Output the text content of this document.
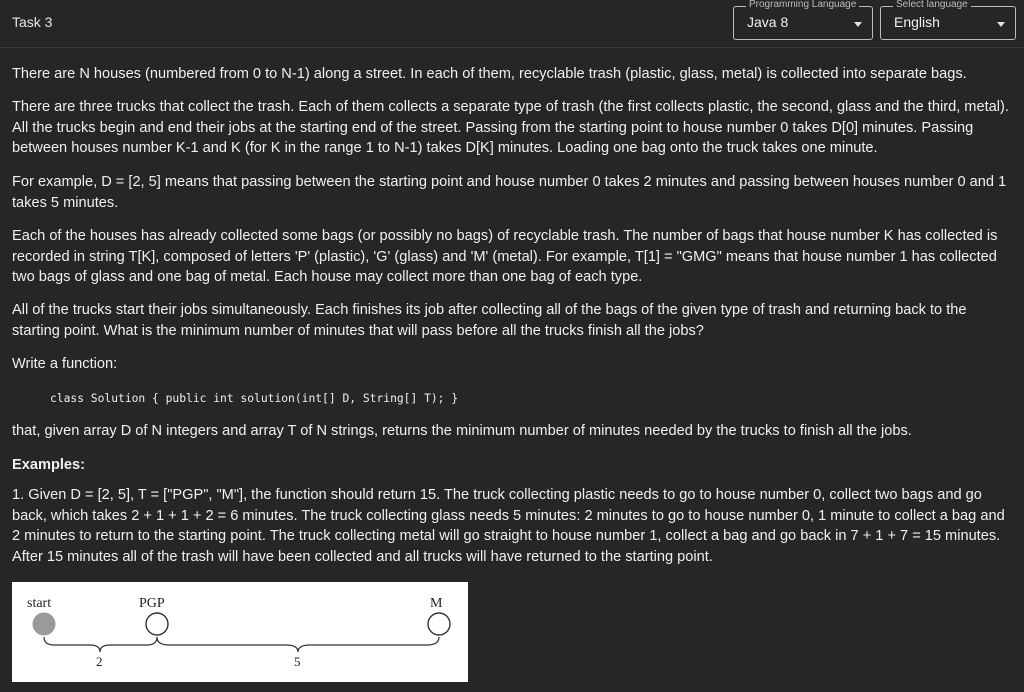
Task 3
Programming Language
Java 8
Select language
English
There are N houses (numbered from 0 to N-1) along a street. In each of them, recyclable trash (plastic, glass, metal) is collected into separate bags.
There are three trucks that collect the trash. Each of them collects a separate type of trash (the first collects plastic, the second, glass and the third, metal). All the trucks begin and end their jobs at the starting end of the street. Passing from the starting point to house number 0 takes D[0] minutes. Passing between houses number K-1 and K (for K in the range 1 to N-1) takes D[K] minutes. Loading one bag onto the truck takes one minute.
For example, D = [2, 5] means that passing between the starting point and house number 0 takes 2 minutes and passing between houses number 0 and 1 takes 5 minutes.
Each of the houses has already collected some bags (or possibly no bags) of recyclable trash. The number of bags that house number K has collected is recorded in string T[K], composed of letters 'P' (plastic), 'G' (glass) and 'M' (metal). For example, T[1] = "GMG" means that house number 1 has collected two bags of glass and one bag of metal. Each house may collect more than one bag of each type.
All of the trucks start their jobs simultaneously. Each finishes its job after collecting all of the bags of the given type of trash and returning back to the starting point. What is the minimum number of minutes that will pass before all the trucks finish all the jobs?
Write a function:
class Solution { public int solution(int[] D, String[] T); }
that, given array D of N integers and array T of N strings, returns the minimum number of minutes needed by the trucks to finish all the jobs.
Examples:
1. Given D = [2, 5], T = ["PGP", "M"], the function should return 15. The truck collecting plastic needs to go to house number 0, collect two bags and go back, which takes 2 + 1 + 1 + 2 = 6 minutes. The truck collecting glass needs 5 minutes: 2 minutes to go to house number 0, 1 minute to collect a bag and 2 minutes to return to the starting point. The truck collecting metal will go straight to house number 1, collect a bag and go back in 7 + 1 + 7 = 15 minutes. After 15 minutes all of the trash will have been collected and all trucks will have returned to the starting point.
start	PGP	M
2	5
